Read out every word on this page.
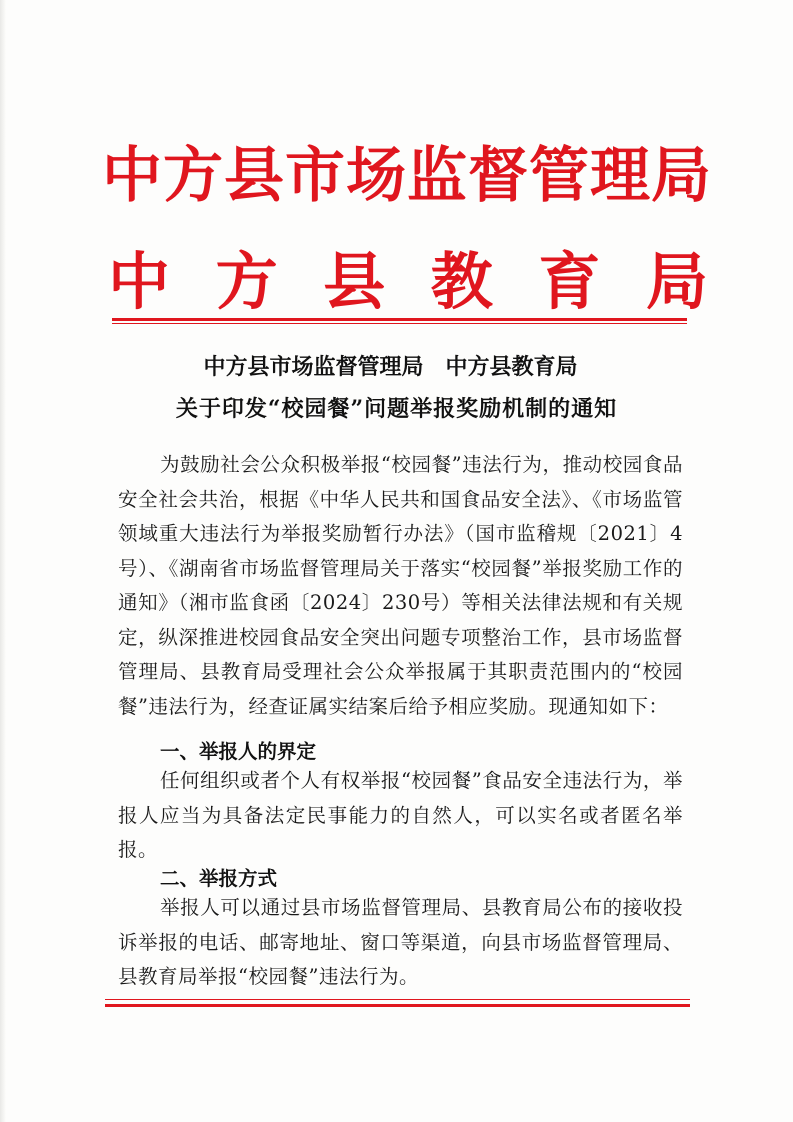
中方县市场监督管理局
中 方 县 教 育 局
中方县市场监督管理局　中方县教育局
关于印发“校园餐”问题举报奖励机制的通知
为鼓励社会公众积极举报“校园餐”违法行为，推动校园食品安全社会共治，根据《中华人民共和国食品安全法》、《市场监管领域重大违法行为举报奖励暂行办法》（国市监稽规〔2021〕4号）、《湖南省市场监督管理局关于落实“校园餐”举报奖励工作的通知》（湘市监食函〔2024〕230号）等相关法律法规和有关规定，纵深推进校园食品安全突出问题专项整治工作，县市场监督管理局、县教育局受理社会公众举报属于其职责范围内的“校园餐”违法行为，经查证属实结案后给予相应奖励。现通知如下：
一、举报人的界定
任何组织或者个人有权举报“校园餐”食品安全违法行为，举报人应当为具备法定民事能力的自然人，可以实名或者匿名举报。
二、举报方式
举报人可以通过县市场监督管理局、县教育局公布的接收投诉举报的电话、邮寄地址、窗口等渠道，向县市场监督管理局、县教育局举报“校园餐”违法行为。
